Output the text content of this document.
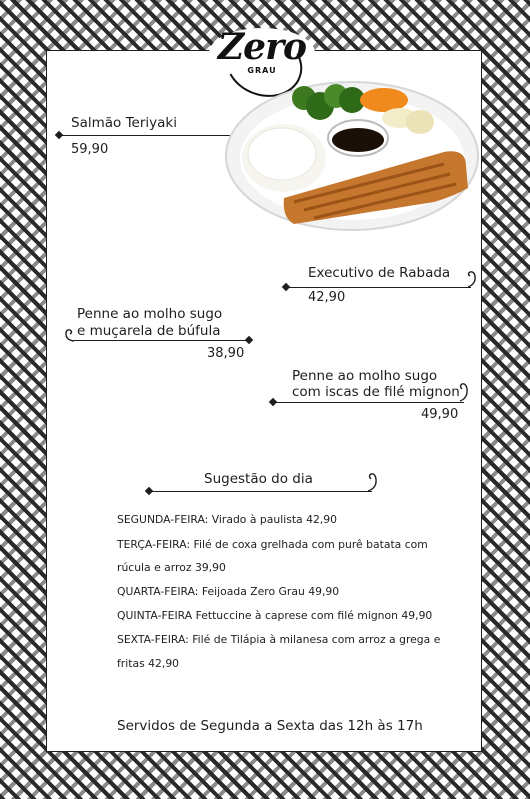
Zero
GRAU
Salmão Teriyaki
59,90
Executivo de Rabada
42,90
Penne ao molho sugo
e muçarela de búfula
38,90
Penne ao molho sugo
com iscas de filé mignon
49,90
Sugestão do dia
SEGUNDA-FEIRA: Virado à paulista 42,90
TERÇA-FEIRA: Filé de coxa grelhada com purê batata com
rúcula e arroz 39,90
QUARTA-FEIRA: Feijoada Zero Grau 49,90
QUINTA-FEIRA Fettuccine à caprese com filé mignon 49,90
SEXTA-FEIRA: Filé de Tilápia à milanesa com arroz a grega e
fritas 42,90
Servidos de Segunda a Sexta das 12h às 17h
